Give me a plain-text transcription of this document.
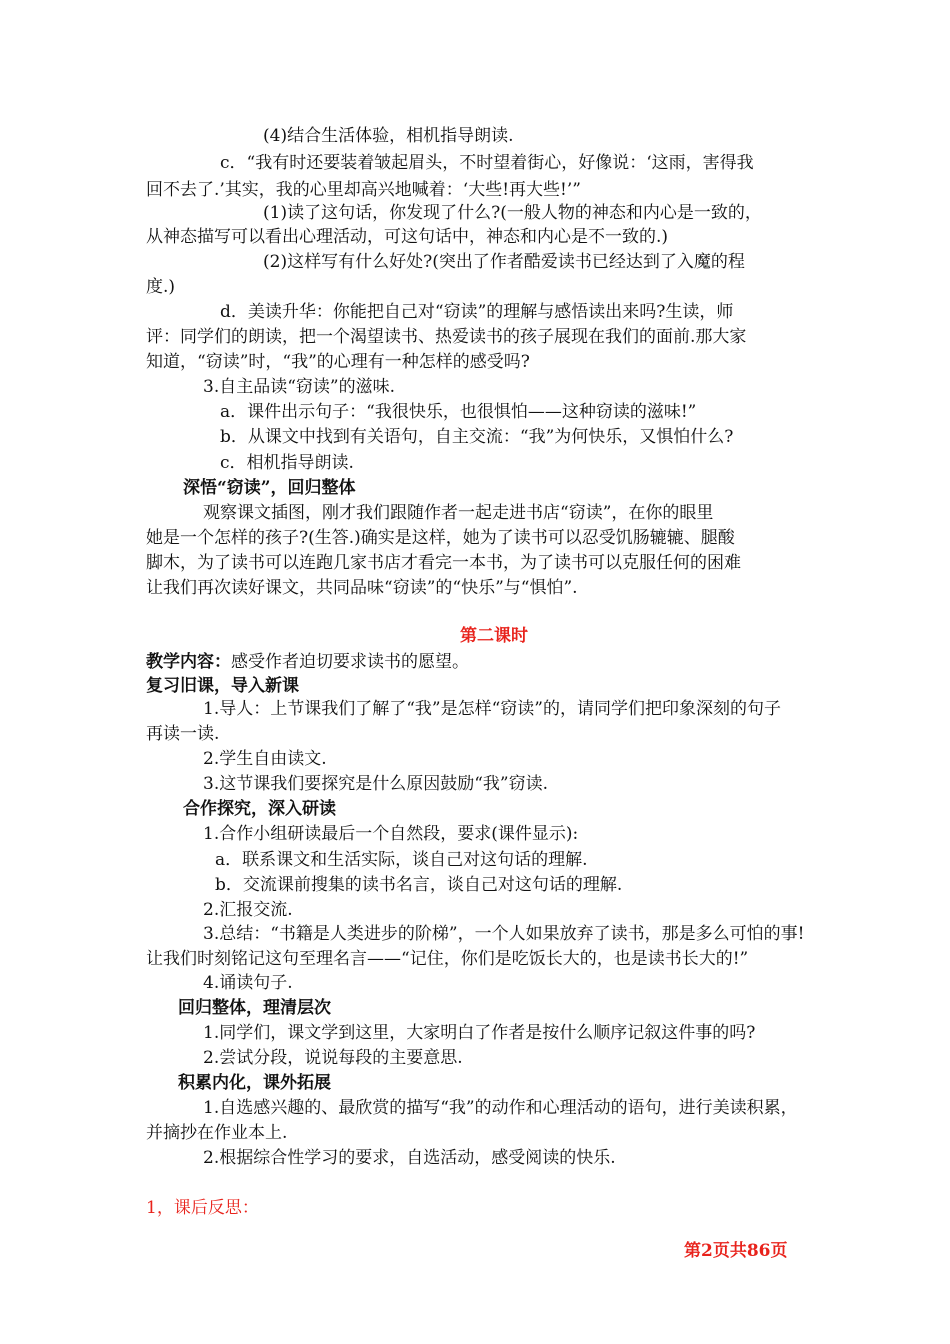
(4)结合生活体验，相机指导朗读.
c．“我有时还要装着皱起眉头，不时望着街心，好像说：‘这雨，害得我
回不去了.’其实，我的心里却高兴地喊着：‘大些!再大些!’”
(1)读了这句话，你发现了什么?(一般人物的神态和内心是一致的，
从神态描写可以看出心理活动，可这句话中，神态和内心是不一致的.)
(2)这样写有什么好处?(突出了作者酷爱读书已经达到了入魔的程
度.)
d．美读升华：你能把自己对“窃读”的理解与感悟读出来吗?生读，师
评：同学们的朗读，把一个渴望读书、热爱读书的孩子展现在我们的面前.那大家
知道，“窃读”时，“我”的心理有一种怎样的感受吗?
3.自主品读“窃读”的滋味.
a．课件出示句子：“我很快乐，也很惧怕——这种窃读的滋味!”
b．从课文中找到有关语句，自主交流：“我”为何快乐，又惧怕什么?
c．相机指导朗读.
深悟“窃读”，回归整体
观察课文插图，刚才我们跟随作者一起走进书店“窃读”，在你的眼里
她是一个怎样的孩子?(生答.)确实是这样，她为了读书可以忍受饥肠辘辘、腿酸
脚木，为了读书可以连跑几家书店才看完一本书，为了读书可以克服任何的困难
让我们再次读好课文，共同品味“窃读”的“快乐”与“惧怕”.
第二课时
教学内容：感受作者迫切要求读书的愿望。
复习旧课，导入新课
1.导人：上节课我们了解了“我”是怎样“窃读”的，请同学们把印象深刻的句子
再读一读.
2.学生自由读文.
3.这节课我们要探究是什么原因鼓励“我”窃读.
合作探究，深入研读
1.合作小组研读最后一个自然段，要求(课件显示):
a．联系课文和生活实际，谈自己对这句话的理解.
b．交流课前搜集的读书名言，谈自己对这句话的理解.
2.汇报交流.
3.总结：“书籍是人类进步的阶梯”，一个人如果放弃了读书，那是多么可怕的事!
让我们时刻铭记这句至理名言——“记住，你们是吃饭长大的，也是读书长大的!”
4.诵读句子.
回归整体，理清层次
1.同学们，课文学到这里，大家明白了作者是按什么顺序记叙这件事的吗?
2.尝试分段，说说每段的主要意思.
积累内化，课外拓展
1.自选感兴趣的、最欣赏的描写“我”的动作和心理活动的语句，进行美读积累，
并摘抄在作业本上.
2.根据综合性学习的要求，自选活动，感受阅读的快乐.
1，课后反思：
第2页共86页
